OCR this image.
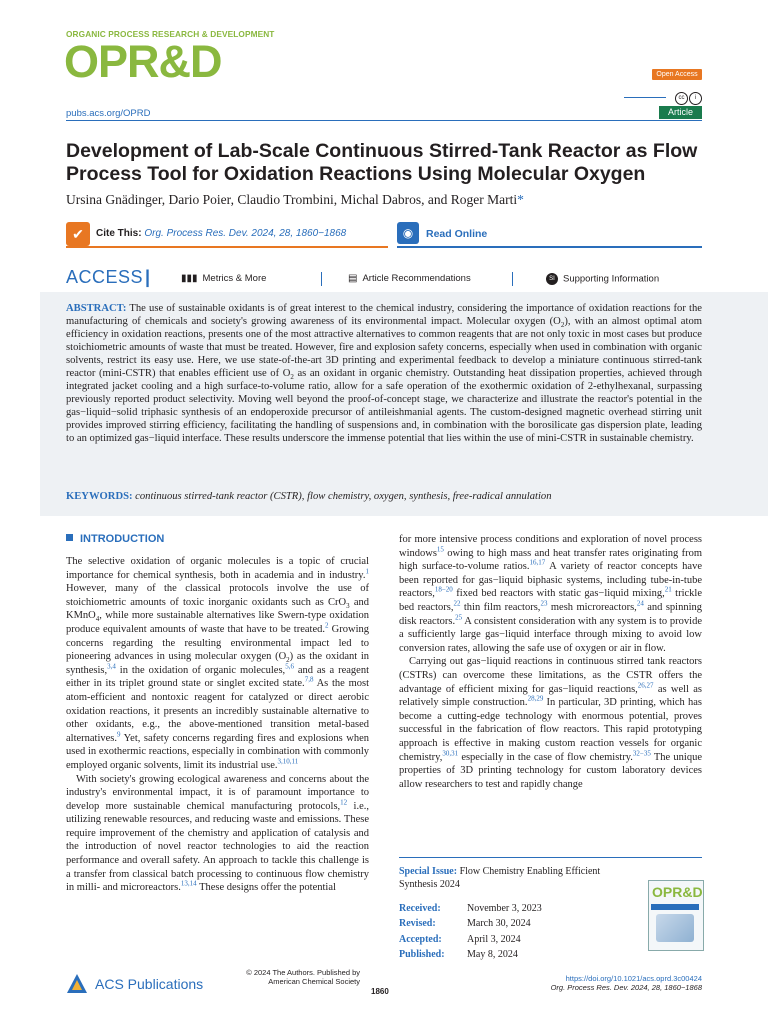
ORGANIC PROCESS RESEARCH & DEVELOPMENT
OPR&D	Open Access
cc i
pubs.acs.org/OPRD	Article
Development of Lab-Scale Continuous Stirred-Tank Reactor as Flow Process Tool for Oxidation Reactions Using Molecular Oxygen
Ursina Gnädinger, Dario Poier, Claudio Trombini, Michal Dabros, and Roger Marti*
✔	Cite This: Org. Process Res. Dev. 2024, 28, 1860−1868	◉	Read Online
ACCESS |	▮▮▮ Metrics & More	▤ Article Recommendations	SI Supporting Information
ABSTRACT: The use of sustainable oxidants is of great interest to the chemical industry, considering the importance of oxidation reactions for the manufacturing of chemicals and society's growing awareness of its environmental impact. Molecular oxygen $(O_2)$, with an almost optimal atom efficiency in oxidation reactions, presents one of the most attractive alternatives to common reagents that are not only toxic in most cases but produce stoichiometric amounts of waste that must be treated. However, fire and explosion safety concerns, especially when used in combination with organic solvents, restrict its easy use. Here, we use state-of-the-art 3D printing and experimental feedback to develop a miniature continuous stirred-tank reactor (mini-CSTR) that enables efficient use of $O_2$ as an oxidant in organic chemistry. Outstanding heat dissipation properties, achieved through integrated jacket cooling and a high surface-to-volume ratio, allow for a safe operation of the exothermic oxidation of 2-ethylhexanal, surpassing previously reported product selectivity. Moving well beyond the proof-of-concept stage, we characterize and illustrate the reactor's potential in the gas−liquid−solid triphasic synthesis of an endoperoxide precursor of antileishmanial agents. The custom-designed magnetic overhead stirring unit provides improved stirring efficiency, facilitating the handling of suspensions and, in combination with the borosilicate gas dispersion plate, leading to an optimized gas−liquid interface. These results underscore the immense potential that lies within the use of mini-CSTR in sustainable chemistry.
KEYWORDS: continuous stirred-tank reactor (CSTR), flow chemistry, oxygen, synthesis, free-radical annulation
INTRODUCTION

The selective oxidation of organic molecules is a topic of crucial importance for chemical synthesis, both in academia and in industry.$^1$ However, many of the classical protocols involve the use of stoichiometric amounts of toxic inorganic oxidants such as CrO$_3$ and KMnO$_4$, while more sustainable alternatives like Swern-type oxidation produce equivalent amounts of waste that have to be treated.$^2$ Growing concerns regarding the resulting environmental impact led to pioneering advances in using molecular oxygen $(O_2)$ as the oxidant in synthesis,$^{3,4}$ in the oxidation of organic molecules,$^{5,6}$ and as a reagent either in its triplet ground state or singlet excited state.$^{7,8}$ As the most atom-efficient and nontoxic reagent for catalyzed or direct aerobic oxidation reactions, it presents an incredibly sustainable alternative to other oxidants, e.g., the above-mentioned transition metal-based alternatives.$^9$ Yet, safety concerns regarding fires and explosions when used in exothermic reactions, especially in combination with commonly employed organic solvents, limit its industrial use.$^{3,10,11}$

With society's growing ecological awareness and concerns about the industry's environmental impact, it is of paramount importance to develop more sustainable chemical manufacturing protocols,$^{12}$ i.e., utilizing renewable resources, and reducing waste and emissions. These require improvement of the chemistry and application of catalysis and the introduction of novel reactor technologies to aid the reaction performance and overall safety. An approach to tackle this challenge is a transfer from classical batch processing to continuous flow chemistry in milli- and microreactors.$^{13,14}$ These designs offer the potential

for more intensive process conditions and exploration of novel process windows$^{15}$ owing to high mass and heat transfer rates originating from high surface-to-volume ratios.$^{16,17}$ A variety of reactor concepts have been reported for gas−liquid biphasic systems, including tube-in-tube reactors,$^{18-20}$ fixed bed reactors with static gas−liquid mixing,$^{21}$ trickle bed reactors,$^{22}$ thin film reactors,$^{23}$ mesh microreactors,$^{24}$ and spinning disk reactors.$^{25}$ A consistent consideration with any system is to provide a sufficiently large gas−liquid interface through mixing to avoid low conversion rates, allowing the safe use of oxygen or air in flow.

Carrying out gas−liquid reactions in continuous stirred tank reactors (CSTRs) can overcome these limitations, as the CSTR offers the advantage of efficient mixing for gas−liquid reactions,$^{26,27}$ as well as relatively simple construction.$^{28,29}$ In particular, 3D printing, which has become a cutting-edge technology with enormous potential, proves successful in the fabrication of flow reactors. This rapid prototyping approach is effective in making custom reaction vessels for organic chemistry,$^{30,31}$ especially in the case of flow chemistry.$^{32-35}$ The unique properties of 3D printing technology for custom laboratory devices allow researchers to test and rapidly change

Special Issue: Flow Chemistry Enabling Efficient Synthesis 2024
Received:	November 3, 2023
Revised:	March 30, 2024
Accepted:	April 3, 2024
Published: May 8, 2024
OPR&D
ACS Publications
© 2024 The Authors. Published by
American Chemical Society
1860
https://doi.org/10.1021/acs.oprd.3c00424
Org. Process Res. Dev. 2024, 28, 1860−1868
